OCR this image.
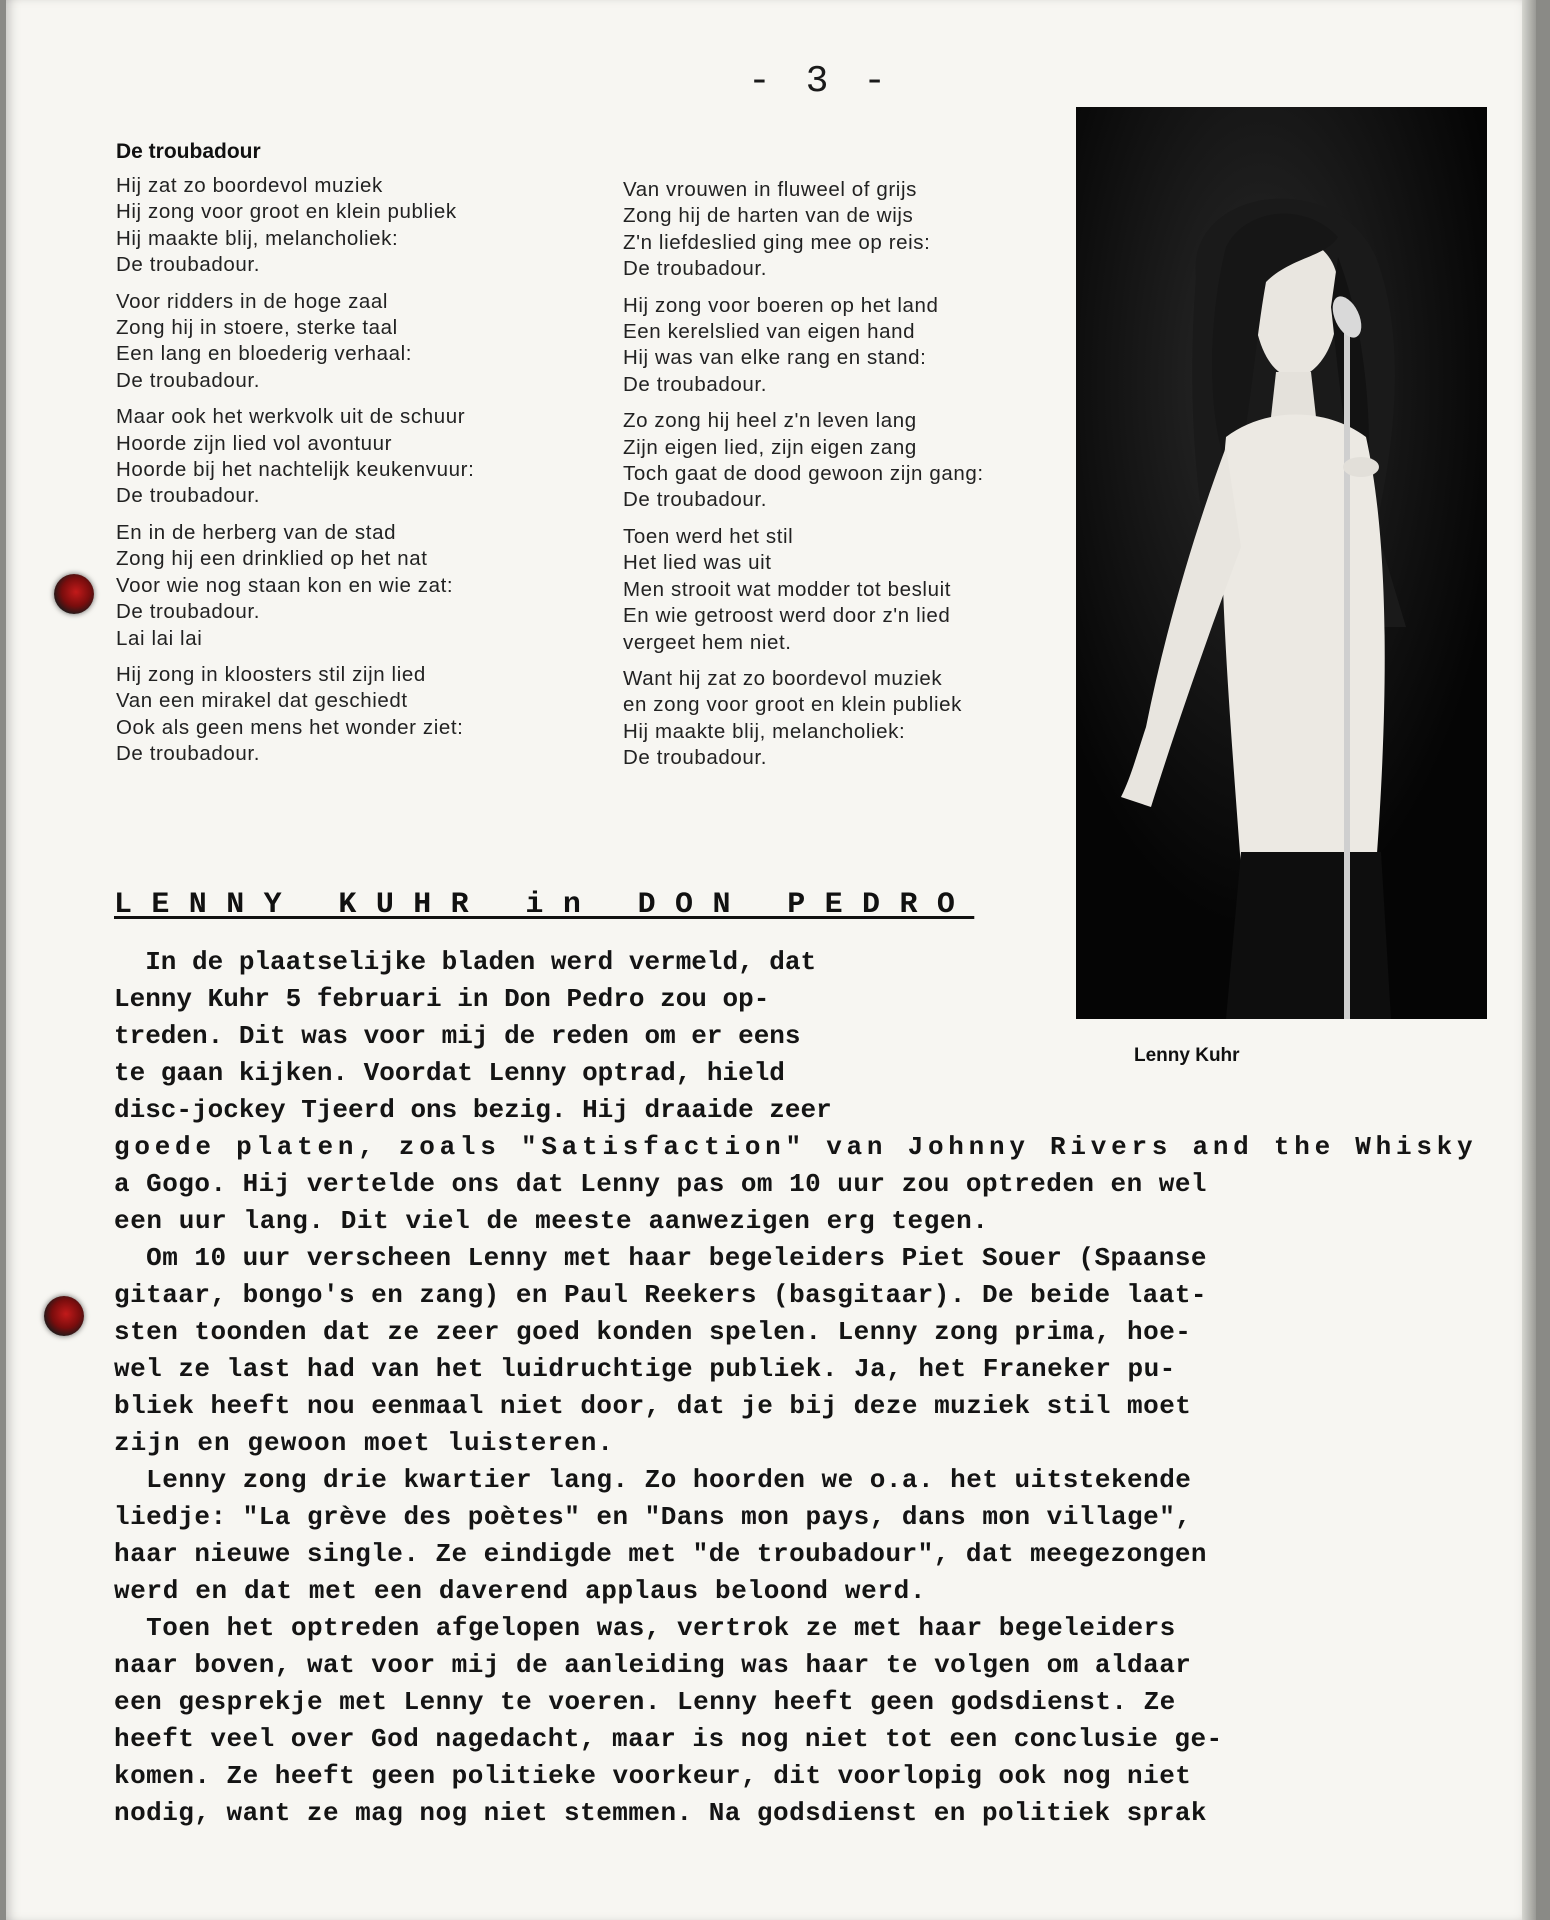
- 3 -
De troubadour
Hij zat zo boordevol muziek
Hij zong voor groot en klein publiek
Hij maakte blij, melancholiek:
De troubadour.
Voor ridders in de hoge zaal
Zong hij in stoere, sterke taal
Een lang en bloederig verhaal:
De troubadour.
Maar ook het werkvolk uit de schuur
Hoorde zijn lied vol avontuur
Hoorde bij het nachtelijk keukenvuur:
De troubadour.
En in de herberg van de stad
Zong hij een drinklied op het nat
Voor wie nog staan kon en wie zat:
De troubadour.
Lai lai lai
Hij zong in kloosters stil zijn lied
Van een mirakel dat geschiedt
Ook als geen mens het wonder ziet:
De troubadour.
Van vrouwen in fluweel of grijs
Zong hij de harten van de wijs
Z'n liefdeslied ging mee op reis:
De troubadour.
Hij zong voor boeren op het land
Een kerelslied van eigen hand
Hij was van elke rang en stand:
De troubadour.
Zo zong hij heel z'n leven lang
Zijn eigen lied, zijn eigen zang
Toch gaat de dood gewoon zijn gang:
De troubadour.
Toen werd het stil
Het lied was uit
Men strooit wat modder tot besluit
En wie getroost werd door z'n lied
vergeet hem niet.
Want hij zat zo boordevol muziek
en zong voor groot en klein publiek
Hij maakte blij, melancholiek:
De troubadour.
Lenny Kuhr
LENNY KUHR in DON PEDRO
In de plaatselijke bladen werd vermeld, dat
Lenny Kuhr 5 februari in Don Pedro zou op-
treden. Dit was voor mij de reden om er eens
te gaan kijken. Voordat Lenny optrad, hield
disc-jockey Tjeerd ons bezig. Hij draaide zeer
goede platen, zoals "Satisfaction" van Johnny Rivers and the Whisky
a Gogo. Hij vertelde ons dat Lenny pas om 10 uur zou optreden en wel
een uur lang. Dit viel de meeste aanwezigen erg tegen.
Om 10 uur verscheen Lenny met haar begeleiders Piet Souer (Spaanse
gitaar, bongo's en zang) en Paul Reekers (basgitaar). De beide laat-
sten toonden dat ze zeer goed konden spelen. Lenny zong prima, hoe-
wel ze last had van het luidruchtige publiek. Ja, het Franeker pu-
bliek heeft nou eenmaal niet door, dat je bij deze muziek stil moet
zijn en gewoon moet luisteren.
Lenny zong drie kwartier lang. Zo hoorden we o.a. het uitstekende
liedje: "La grève des poètes" en "Dans mon pays, dans mon village",
haar nieuwe single. Ze eindigde met "de troubadour", dat meegezongen
werd en dat met een daverend applaus beloond werd.
Toen het optreden afgelopen was, vertrok ze met haar begeleiders
naar boven, wat voor mij de aanleiding was haar te volgen om aldaar
een gesprekje met Lenny te voeren. Lenny heeft geen godsdienst. Ze
heeft veel over God nagedacht, maar is nog niet tot een conclusie ge-
komen. Ze heeft geen politieke voorkeur, dit voorlopig ook nog niet
nodig, want ze mag nog niet stemmen. Na godsdienst en politiek sprak
